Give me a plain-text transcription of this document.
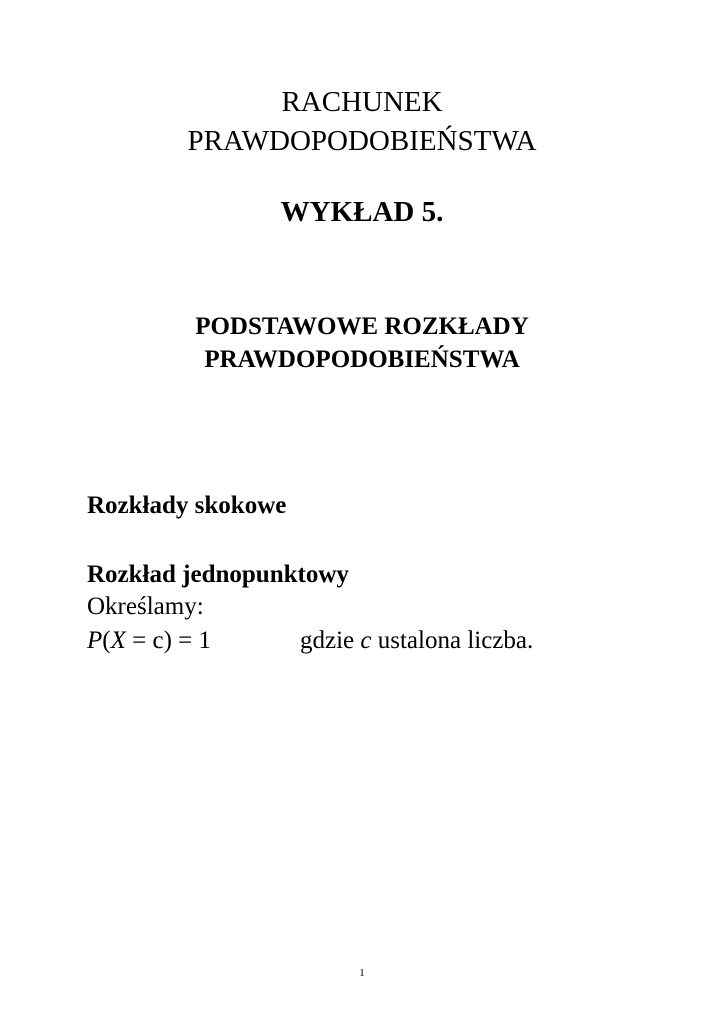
RACHUNEK
PRAWDOPODOBIEŃSTWA
WYKŁAD 5.
PODSTAWOWE ROZKŁADY
PRAWDOPODOBIEŃSTWA
Rozkłady skokowe
Rozkład jednopunktowy
Określamy:
P(X = c) = 1	gdzie c ustalona liczba.
1
